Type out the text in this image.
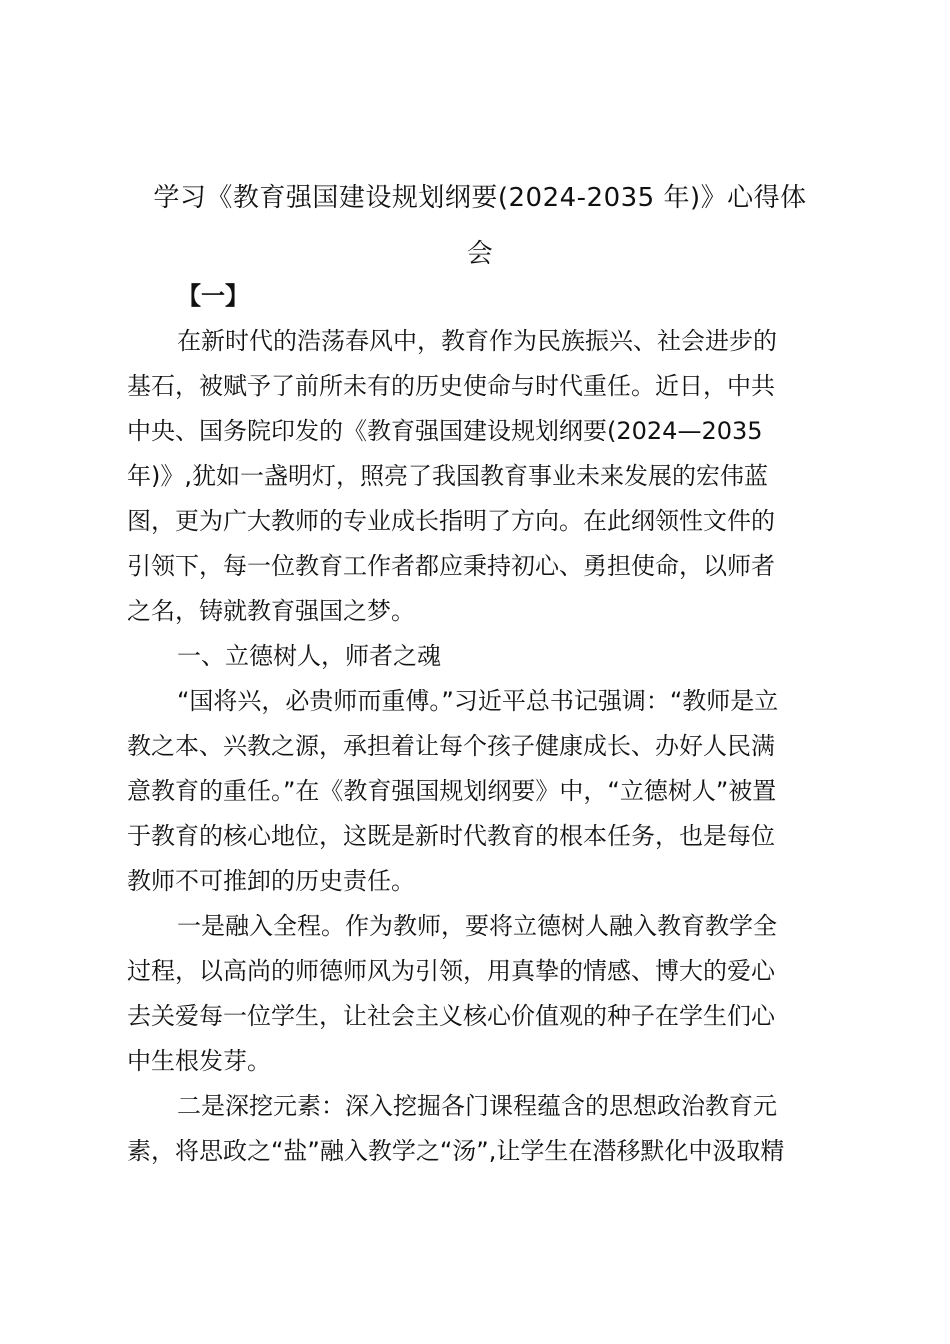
学习《教育强国建设规划纲要(2024-2035 年)》心得体
会
【一】
在新时代的浩荡春风中，教育作为民族振兴、社会进步的
基石，被赋予了前所未有的历史使命与时代重任。近日，中共
中央、国务院印发的《教育强国建设规划纲要(2024—2035
年)》,犹如一盏明灯，照亮了我国教育事业未来发展的宏伟蓝
图，更为广大教师的专业成长指明了方向。在此纲领性文件的
引领下，每一位教育工作者都应秉持初心、勇担使命，以师者
之名，铸就教育强国之梦。
一、立德树人，师者之魂
“国将兴，必贵师而重傅。”习近平总书记强调：“教师是立
教之本、兴教之源，承担着让每个孩子健康成长、办好人民满
意教育的重任。”在《教育强国规划纲要》中，“立德树人”被置
于教育的核心地位，这既是新时代教育的根本任务，也是每位
教师不可推卸的历史责任。
一是融入全程。作为教师，要将立德树人融入教育教学全
过程，以高尚的师德师风为引领，用真挚的情感、博大的爱心
去关爱每一位学生，让社会主义核心价值观的种子在学生们心
中生根发芽。
二是深挖元素：深入挖掘各门课程蕴含的思想政治教育元
素，将思政之“盐”融入教学之“汤”,让学生在潜移默化中汲取精
